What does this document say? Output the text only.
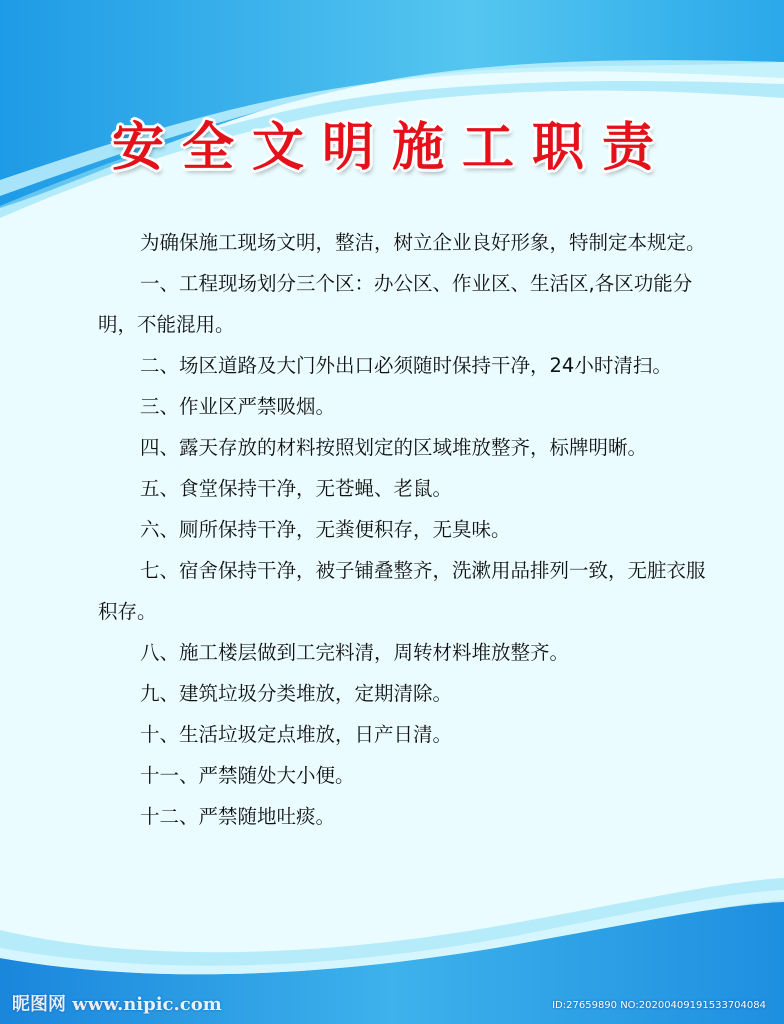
安全文明施工职责

为确保施工现场文明，整洁，树立企业良好形象，特制定本规定。

一、工程现场划分三个区：办公区、作业区、生活区,各区功能分明，不能混用。

二、场区道路及大门外出口必须随时保持干净，24小时清扫。

三、作业区严禁吸烟。

四、露天存放的材料按照划定的区域堆放整齐，标牌明晰。

五、食堂保持干净，无苍蝇、老鼠。

六、厕所保持干净，无粪便积存，无臭味。

七、宿舍保持干净，被子铺叠整齐，洗漱用品排列一致，无脏衣服积存。

八、施工楼层做到工完料清，周转材料堆放整齐。

九、建筑垃圾分类堆放，定期清除。

十、生活垃圾定点堆放，日产日清。

十一、严禁随处大小便。

十二、严禁随地吐痰。

昵图网 www.nipic.com	ID:27659890 NO:20200409191533704084
